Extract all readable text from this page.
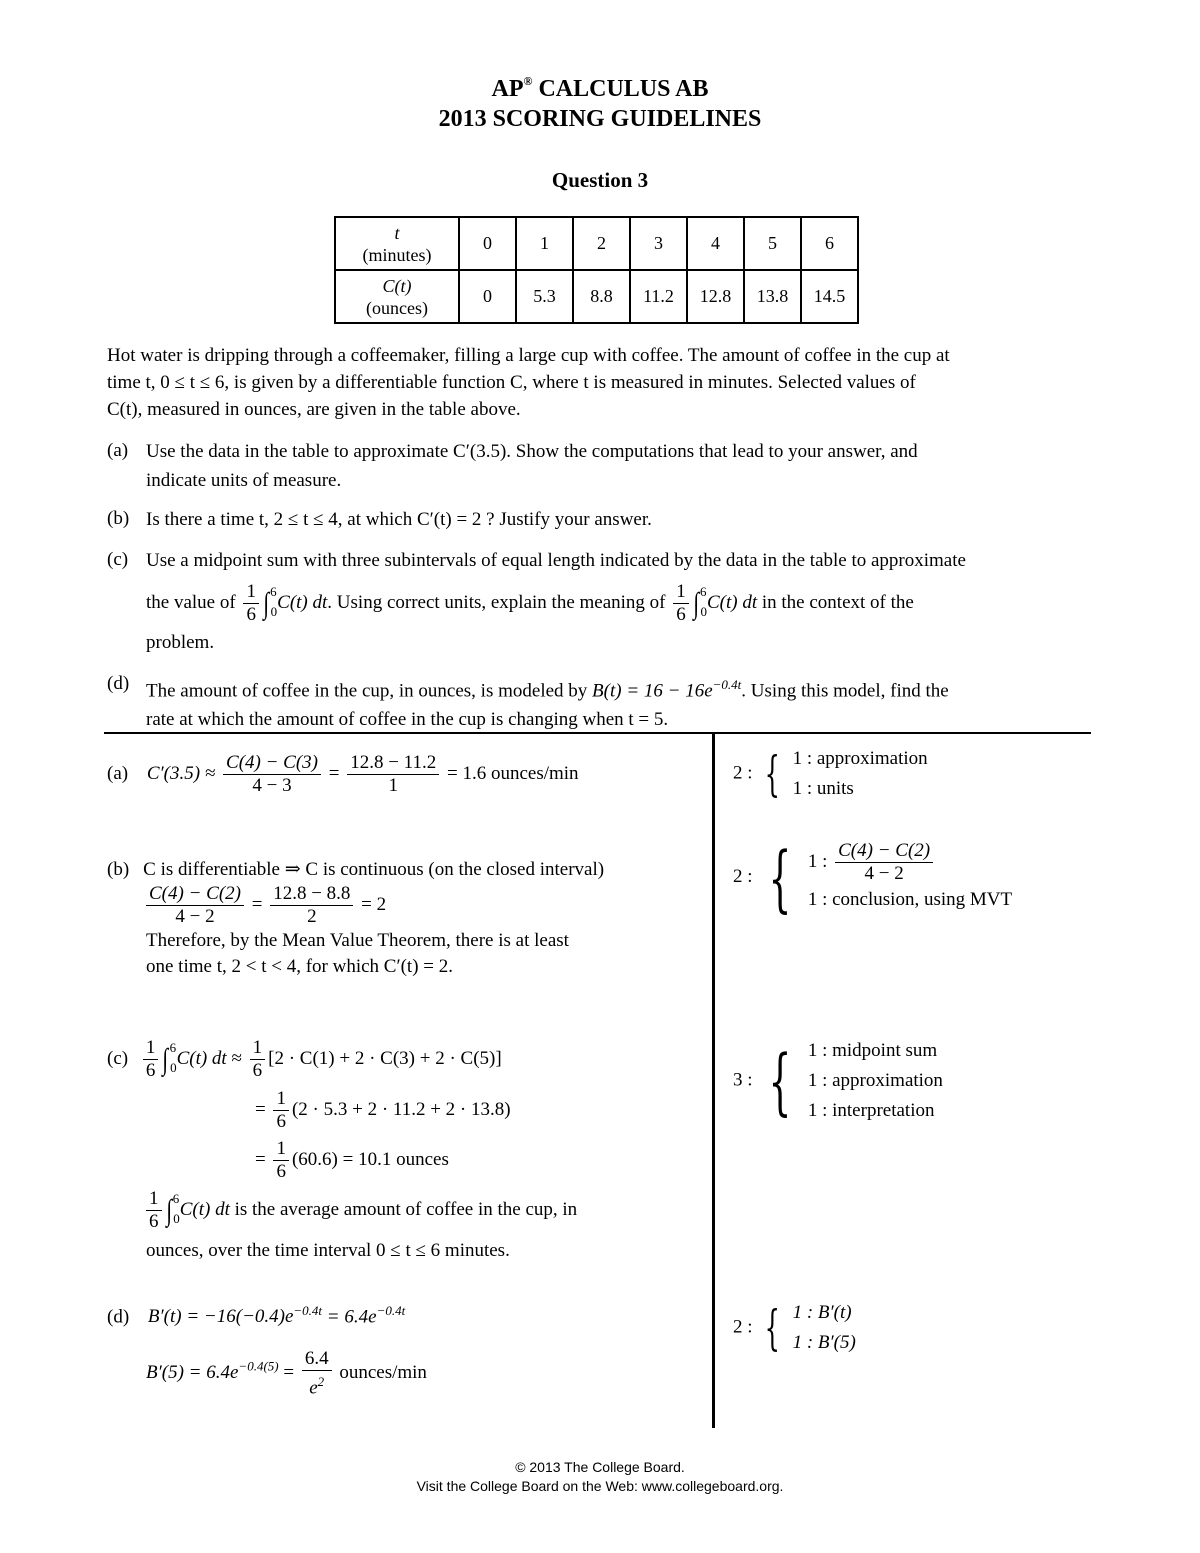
AP® CALCULUS AB
2013 SCORING GUIDELINES
Question 3
t
(minutes)	0	1	2	3	4	5	6
C(t)
(ounces)	0	5.3	8.8	11.2	12.8	13.8	14.5
Hot water is dripping through a coffeemaker, filling a large cup with coffee. The amount of coffee in the cup at
time t, 0 ≤ t ≤ 6, is given by a differentiable function C, where t is measured in minutes. Selected values of
C(t), measured in ounces, are given in the table above.
(a) Use the data in the table to approximate C′(3.5). Show the computations that lead to your answer, and
indicate units of measure.
(b) Is there a time t, 2 ≤ t ≤ 4, at which C′(t) = 2 ? Justify your answer.
(c) Use a midpoint sum with three subintervals of equal length indicated by the data in the table to approximate
the value of $\frac{1}{6} \int^6_0C(t)$ dt. Using correct units, explain the meaning of $\frac{1}{6} \int^6_0C(t)$ dt in the context of the
problem.
(d) The amount of coffee in the cup, in ounces, is modeled by $B(t) = 16 - 16e^{-0.4t}$. Using this model, find the
rate at which the amount of coffee in the cup is changing when t = 5.
(a) $C'(3.5) \approx \frac{C(4) - C(3)}{4 - 3} = \frac{12.8 - 11.2}{1} = 1.6$ ounces/min
(b) C is differentiable ⇒ C is continuous (on the closed interval)
$\frac{C(4) - C(2)}{4 - 2} = \frac{12.8 - 8.8}{2} = 2$
Therefore, by the Mean Value Theorem, there is at least
one time t, 2 < t < 4, for which C′(t) = 2.
$(c) \frac{1}{6} \int^6_0C(t)$ dt ≈ $\frac{1}{6} [2 \cdot C(1) + 2 \cdot C(3) + 2 \cdot C(5)]$
= $\frac{1}{6} (2 \cdot 5.3 + 2 \cdot 11.2 + 2 \cdot 13.8)$
= $\frac{1}{6} (60.6) = 10.1$ ounces
$\frac{1}{6} \int^6_0C(t)$ dt is the average amount of coffee in the cup, in
ounces, over the time interval 0 ≤ t ≤ 6 minutes.
(d) $B'(t) = -16(-0.4)e^{-0.4t} = 6.4e^{-0.4t}$
$B'(5) = 6.4e^{-0.4(5)} = \frac{6.4}{e^2}$ ounces/min
2 : { 1 : approximation
1 : units
2 : { 1 : $\frac{C(4) - C(2)}{4 - 2}$
1 : conclusion, using MVT
3 : { 1 : midpoint sum
1 : approximation
1 : interpretation
2 : { 1 : B′(t)
1 : B′(5)
© 2013 The College Board.
Visit the College Board on the Web: www.collegeboard.org.
